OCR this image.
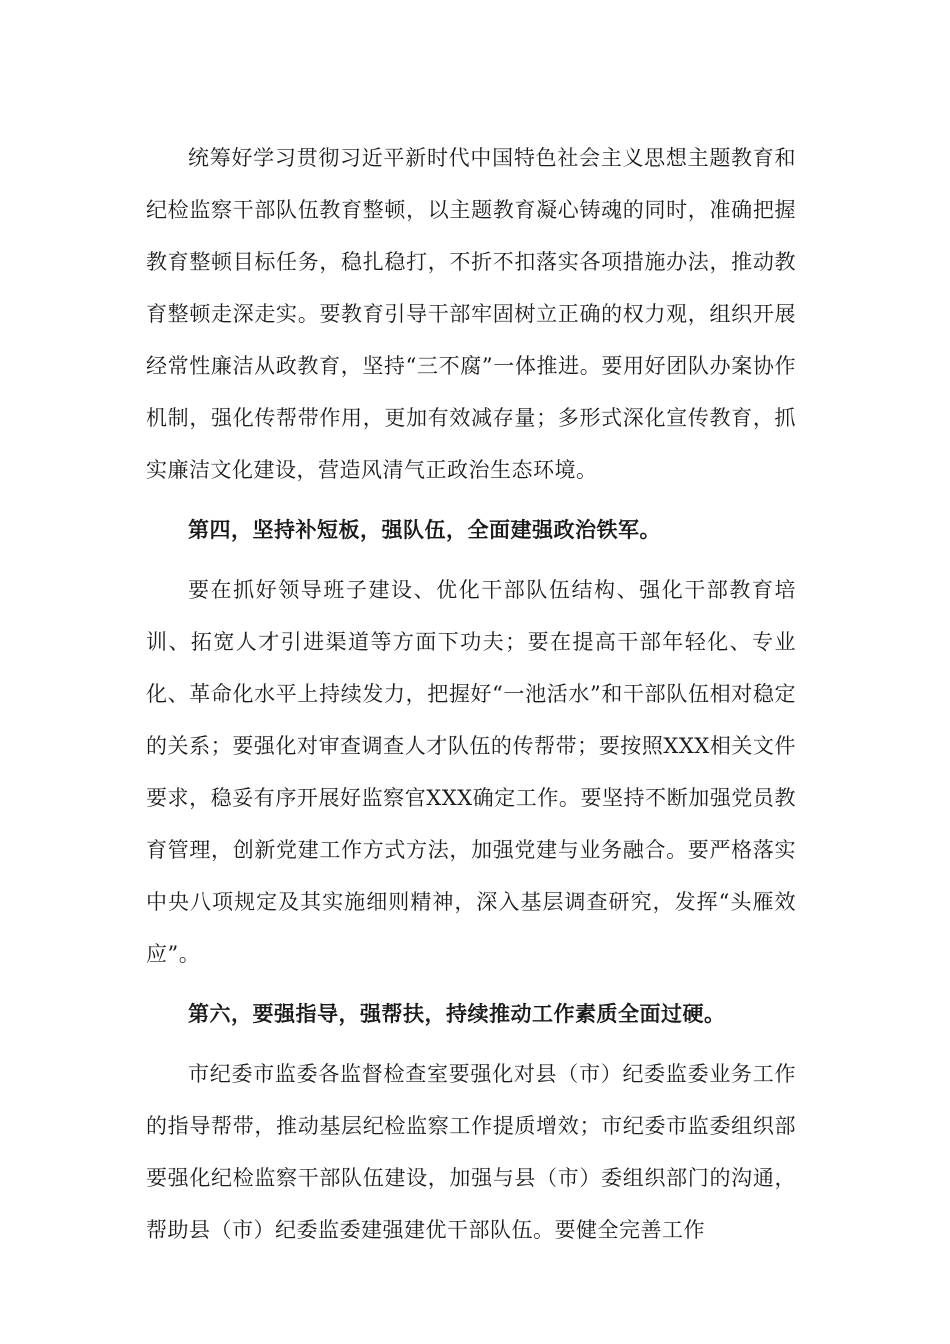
统筹好学习贯彻习近平新时代中国特色社会主义思想主题教育和纪检监察干部队伍教育整顿，以主题教育凝心铸魂的同时，准确把握教育整顿目标任务，稳扎稳打，不折不扣落实各项措施办法，推动教育整顿走深走实。要教育引导干部牢固树立正确的权力观，组织开展经常性廉洁从政教育，坚持“三不腐”一体推进。要用好团队办案协作机制，强化传帮带作用，更加有效减存量；多形式深化宣传教育，抓实廉洁文化建设，营造风清气正政治生态环境。

第四，坚持补短板，强队伍，全面建强政治铁军。

要在抓好领导班子建设、优化干部队伍结构、强化干部教育培训、拓宽人才引进渠道等方面下功夫；要在提高干部年轻化、专业化、革命化水平上持续发力，把握好“一池活水”和干部队伍相对稳定的关系；要强化对审查调查人才队伍的传帮带；要按照XXX相关文件要求，稳妥有序开展好监察官XXX确定工作。要坚持不断加强党员教育管理，创新党建工作方式方法，加强党建与业务融合。要严格落实中央八项规定及其实施细则精神，深入基层调查研究，发挥“头雁效应”。

第六，要强指导，强帮扶，持续推动工作素质全面过硬。

市纪委市监委各监督检查室要强化对县（市）纪委监委业务工作的指导帮带，推动基层纪检监察工作提质增效；市纪委市监委组织部要强化纪检监察干部队伍建设，加强与县（市）委组织部门的沟通，帮助县（市）纪委监委建强建优干部队伍。要健全完善工作
